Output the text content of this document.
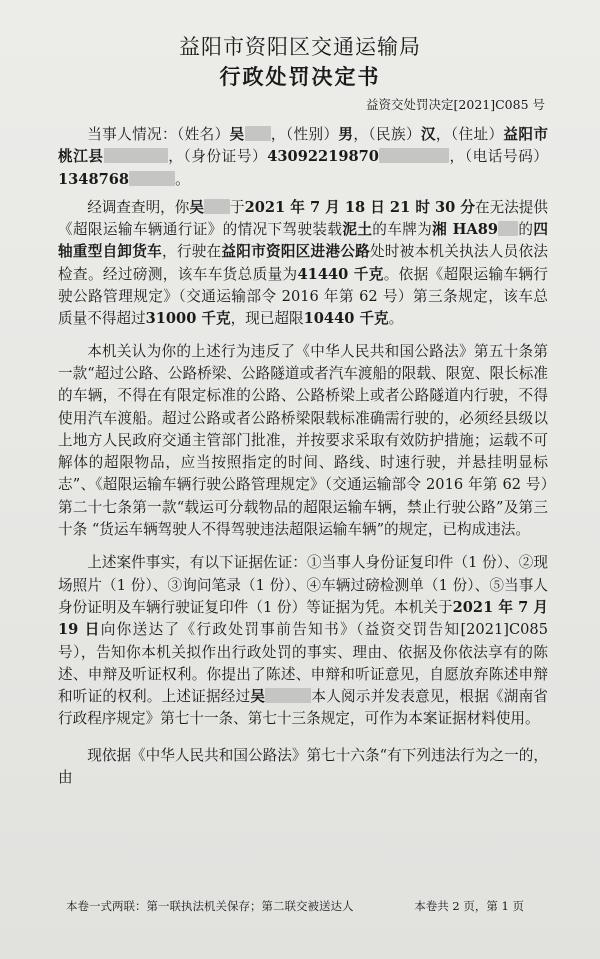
益阳市资阳区交通运输局
行政处罚决定书
益资交处罚决定[2021]C085 号

当事人情况：（姓名）吴 ，（性别）男，（民族）汉，（住址）益阳市桃江县	，（身份证号）43092219870	，（电话号码）1348768	。

经调查查明，你吴 于2021 年 7 月 18 日 21 时 30 分在无法提供《超限运输车辆通行证》的情况下驾驶装载泥土的车牌为湘 HA89 的四轴重型自卸货车，行驶在益阳市资阳区进港公路处时被本机关执法人员依法检查。经过磅测，该车车货总质量为41440 千克。依据《超限运输车辆行驶公路管理规定》（交通运输部令 2016 年第 62 号）第三条规定，该车总质量不得超过31000 千克，现已超限10440 千克。

本机关认为你的上述行为违反了《中华人民共和国公路法》第五十条第一款“超过公路、公路桥梁、公路隧道或者汽车渡船的限载、限宽、限长标准的车辆，不得在有限定标准的公路、公路桥梁上或者公路隧道内行驶，不得使用汽车渡船。超过公路或者公路桥梁限载标准确需行驶的，必须经县级以上地方人民政府交通主管部门批准，并按要求采取有效防护措施；运载不可解体的超限物品，应当按照指定的时间、路线、时速行驶，并悬挂明显标志”、《超限运输车辆行驶公路管理规定》（交通运输部令 2016 年第 62 号）第二十七条第一款“载运可分载物品的超限运输车辆，禁止行驶公路”及第三十条 “货运车辆驾驶人不得驾驶违法超限运输车辆”的规定，已构成违法。

上述案件事实，有以下证据佐证：①当事人身份证复印件（1 份）、②现场照片（1 份）、③询问笔录（1 份）、④车辆过磅检测单（1 份）、⑤当事人身份证明及车辆行驶证复印件（1 份）等证据为凭。本机关于2021 年 7 月 19 日向你送达了《行政处罚事前告知书》（益资交罚告知[2021]C085 号），告知你本机关拟作出行政处罚的事实、理由、依据及你依法享有的陈述、申辩及听证权利。你提出了陈述、申辩和听证意见，自愿放弃陈述申辩和听证的权利。上述证据经过吴	本人阅示并发表意见，根据《湖南省行政程序规定》第七十一条、第七十三条规定，可作为本案证据材料使用。

现依据《中华人民共和国公路法》第七十六条“有下列违法行为之一的，由

本卷一式两联：第一联执法机关保存；第二联交被送达人	本卷共 2 页，第 1 页
